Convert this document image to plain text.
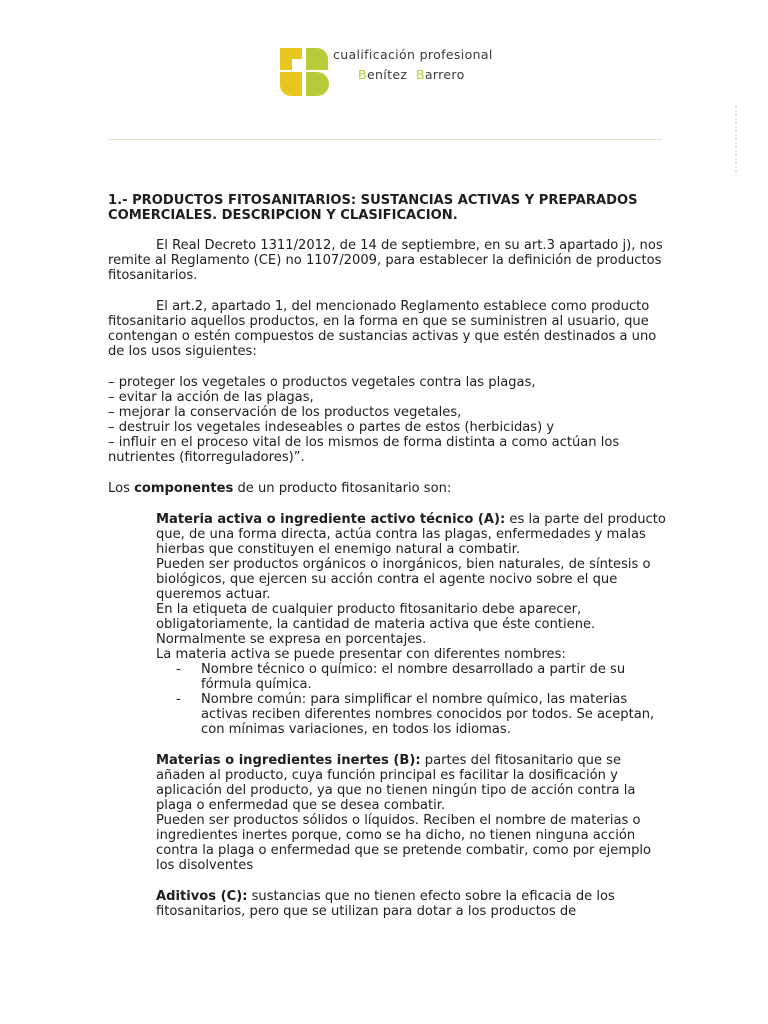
cualificación profesional
Benítez Barrero

1.- PRODUCTOS FITOSANITARIOS: SUSTANCIAS ACTIVAS Y PREPARADOS COMERCIALES. DESCRIPCION Y CLASIFICACION.

El Real Decreto 1311/2012, de 14 de septiembre, en su art.3 apartado j), nos remite al Reglamento (CE) no 1107/2009, para establecer la definición de productos fitosanitarios.

El art.2, apartado 1, del mencionado Reglamento establece como producto fitosanitario aquellos productos, en la forma en que se suministren al usuario, que contengan o estén compuestos de sustancias activas y que estén destinados a uno de los usos siguientes:

– proteger los vegetales o productos vegetales contra las plagas,
– evitar la acción de las plagas,
– mejorar la conservación de los productos vegetales,
– destruir los vegetales indeseables o partes de estos (herbicidas) y
– influir en el proceso vital de los mismos de forma distinta a como actúan los nutrientes (fitorreguladores)”.

Los componentes de un producto fitosanitario son:

Materia activa o ingrediente activo técnico (A): es la parte del producto que, de una forma directa, actúa contra las plagas, enfermedades y malas hierbas que constituyen el enemigo natural a combatir.

Pueden ser productos orgánicos o inorgánicos, bien naturales, de síntesis o biológicos, que ejercen su acción contra el agente nocivo sobre el que queremos actuar.

En la etiqueta de cualquier producto fitosanitario debe aparecer, obligatoriamente, la cantidad de materia activa que éste contiene.

Normalmente se expresa en porcentajes.

La materia activa se puede presentar con diferentes nombres:

- Nombre técnico o químico: el nombre desarrollado a partir de su fórmula química.
- Nombre común: para simplificar el nombre químico, las materias activas reciben diferentes nombres conocidos por todos. Se aceptan, con mínimas variaciones, en todos los idiomas.

Materias o ingredientes inertes (B): partes del fitosanitario que se añaden al producto, cuya función principal es facilitar la dosificación y aplicación del producto, ya que no tienen ningún tipo de acción contra la plaga o enfermedad que se desea combatir.

Pueden ser productos sólidos o líquidos. Reciben el nombre de materias o ingredientes inertes porque, como se ha dicho, no tienen ninguna acción contra la plaga o enfermedad que se pretende combatir, como por ejemplo los disolventes

Aditivos (C): sustancias que no tienen efecto sobre la eficacia de los fitosanitarios, pero que se utilizan para dotar a los productos de
